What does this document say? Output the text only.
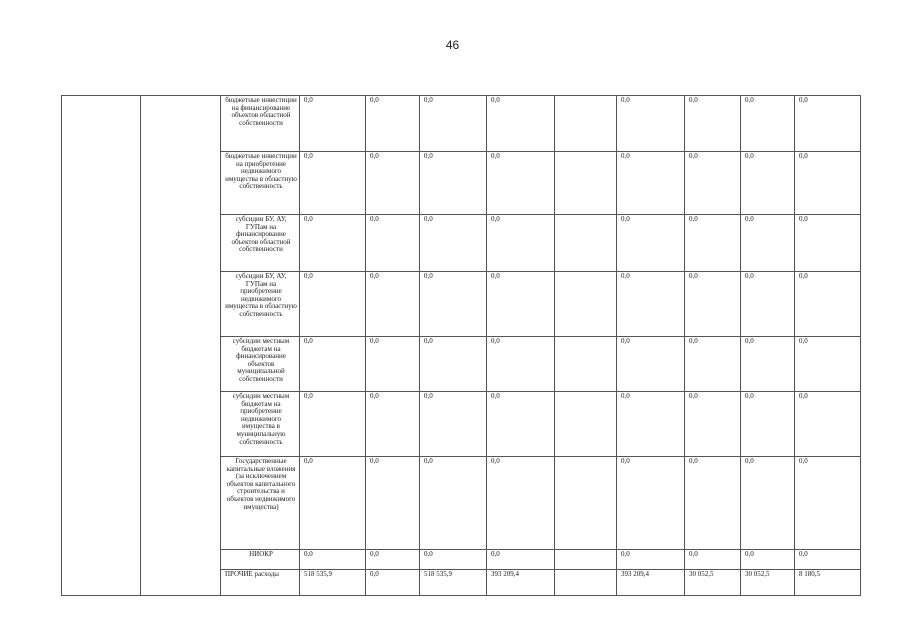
46
		бюджетные инвестиции на финансирование объектов областной собственности	0,0	0,0	0,0	0,0		0,0	0,0	0,0	0,0
		бюджетные инвестиции на приобретение недвижимого имущества в областную собственность	0,0	0,0	0,0	0,0		0,0	0,0	0,0	0,0
		субсидии БУ, АУ, ГУПам на финансирование объектов областной собственности	0,0	0,0	0,0	0,0		0,0	0,0	0,0	0,0
		субсидии БУ, АУ, ГУПам на приобретение недвижимого имущества в областную собственность	0,0	0,0	0,0	0,0		0,0	0,0	0,0	0,0
		субсидии местным бюджетам на финансирование объектов муниципальной собственности	0,0	0,0	0,0	0,0		0,0	0,0	0,0	0,0
		субсидии местным бюджетам на приобретение недвижимого имущества в муниципальную собственность	0,0	0,0	0,0	0,0		0,0	0,0	0,0	0,0
		Государственные капитальные вложения (за исключением объектов капитального строительства и объектов недвижимого имущества)	0,0	0,0	0,0	0,0		0,0	0,0	0,0	0,0
		НИОКР	0,0	0,0	0,0	0,0		0,0	0,0	0,0	0,0
		ПРОЧИЕ расходы	518 535,9	0,0	518 535,9	393 209,4		393 209,4	30 052,5	30 052,5	8 180,5
